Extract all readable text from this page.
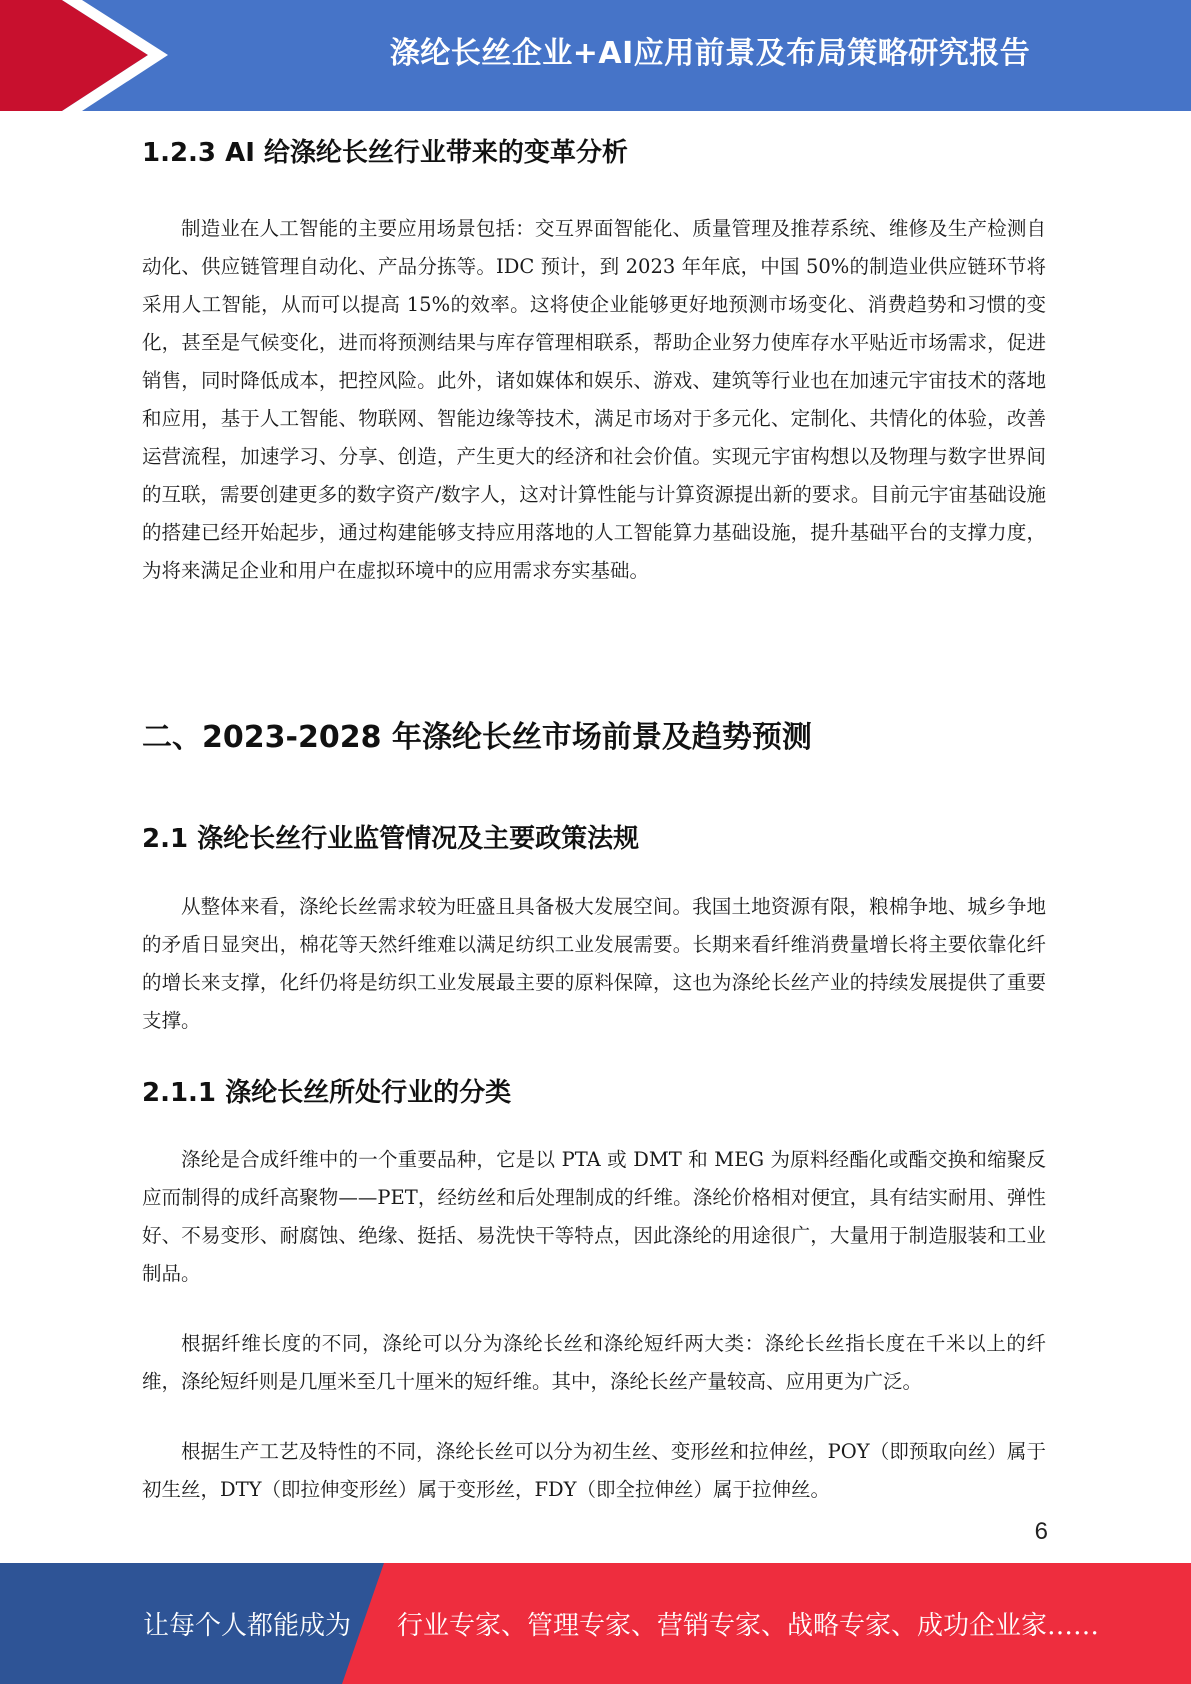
涤纶长丝企业+AI应用前景及布局策略研究报告
1.2.3 AI 给涤纶长丝行业带来的变革分析

制造业在人工智能的主要应用场景包括：交互界面智能化、质量管理及推荐系统、维修及生产检测自动化、供应链管理自动化、产品分拣等。IDC 预计，到 2023 年年底，中国 50%的制造业供应链环节将采用人工智能，从而可以提高 15%的效率。这将使企业能够更好地预测市场变化、消费趋势和习惯的变化，甚至是气候变化，进而将预测结果与库存管理相联系，帮助企业努力使库存水平贴近市场需求，促进销售，同时降低成本，把控风险。此外，诸如媒体和娱乐、游戏、建筑等行业也在加速元宇宙技术的落地和应用，基于人工智能、物联网、智能边缘等技术，满足市场对于多元化、定制化、共情化的体验，改善运营流程，加速学习、分享、创造，产生更大的经济和社会价值。实现元宇宙构想以及物理与数字世界间的互联，需要创建更多的数字资产/数字人，这对计算性能与计算资源提出新的要求。目前元宇宙基础设施的搭建已经开始起步，通过构建能够支持应用落地的人工智能算力基础设施，提升基础平台的支撑力度，为将来满足企业和用户在虚拟环境中的应用需求夯实基础。

二、2023-2028 年涤纶长丝市场前景及趋势预测
2.1 涤纶长丝行业监管情况及主要政策法规

从整体来看，涤纶长丝需求较为旺盛且具备极大发展空间。我国土地资源有限，粮棉争地、城乡争地的矛盾日显突出，棉花等天然纤维难以满足纺织工业发展需要。长期来看纤维消费量增长将主要依靠化纤的增长来支撑，化纤仍将是纺织工业发展最主要的原料保障，这也为涤纶长丝产业的持续发展提供了重要支撑。

2.1.1 涤纶长丝所处行业的分类

涤纶是合成纤维中的一个重要品种，它是以 PTA 或 DMT 和 MEG 为原料经酯化或酯交换和缩聚反应而制得的成纤高聚物——PET，经纺丝和后处理制成的纤维。涤纶价格相对便宜，具有结实耐用、弹性好、不易变形、耐腐蚀、绝缘、挺括、易洗快干等特点，因此涤纶的用途很广，大量用于制造服装和工业制品。

根据纤维长度的不同，涤纶可以分为涤纶长丝和涤纶短纤两大类：涤纶长丝指长度在千米以上的纤维，涤纶短纤则是几厘米至几十厘米的短纤维。其中，涤纶长丝产量较高、应用更为广泛。

根据生产工艺及特性的不同，涤纶长丝可以分为初生丝、变形丝和拉伸丝，POY（即预取向丝）属于初生丝，DTY（即拉伸变形丝）属于变形丝，FDY（即全拉伸丝）属于拉伸丝。

6
让每个人都能成为 行业专家、管理专家、营销专家、战略专家、成功企业家……
